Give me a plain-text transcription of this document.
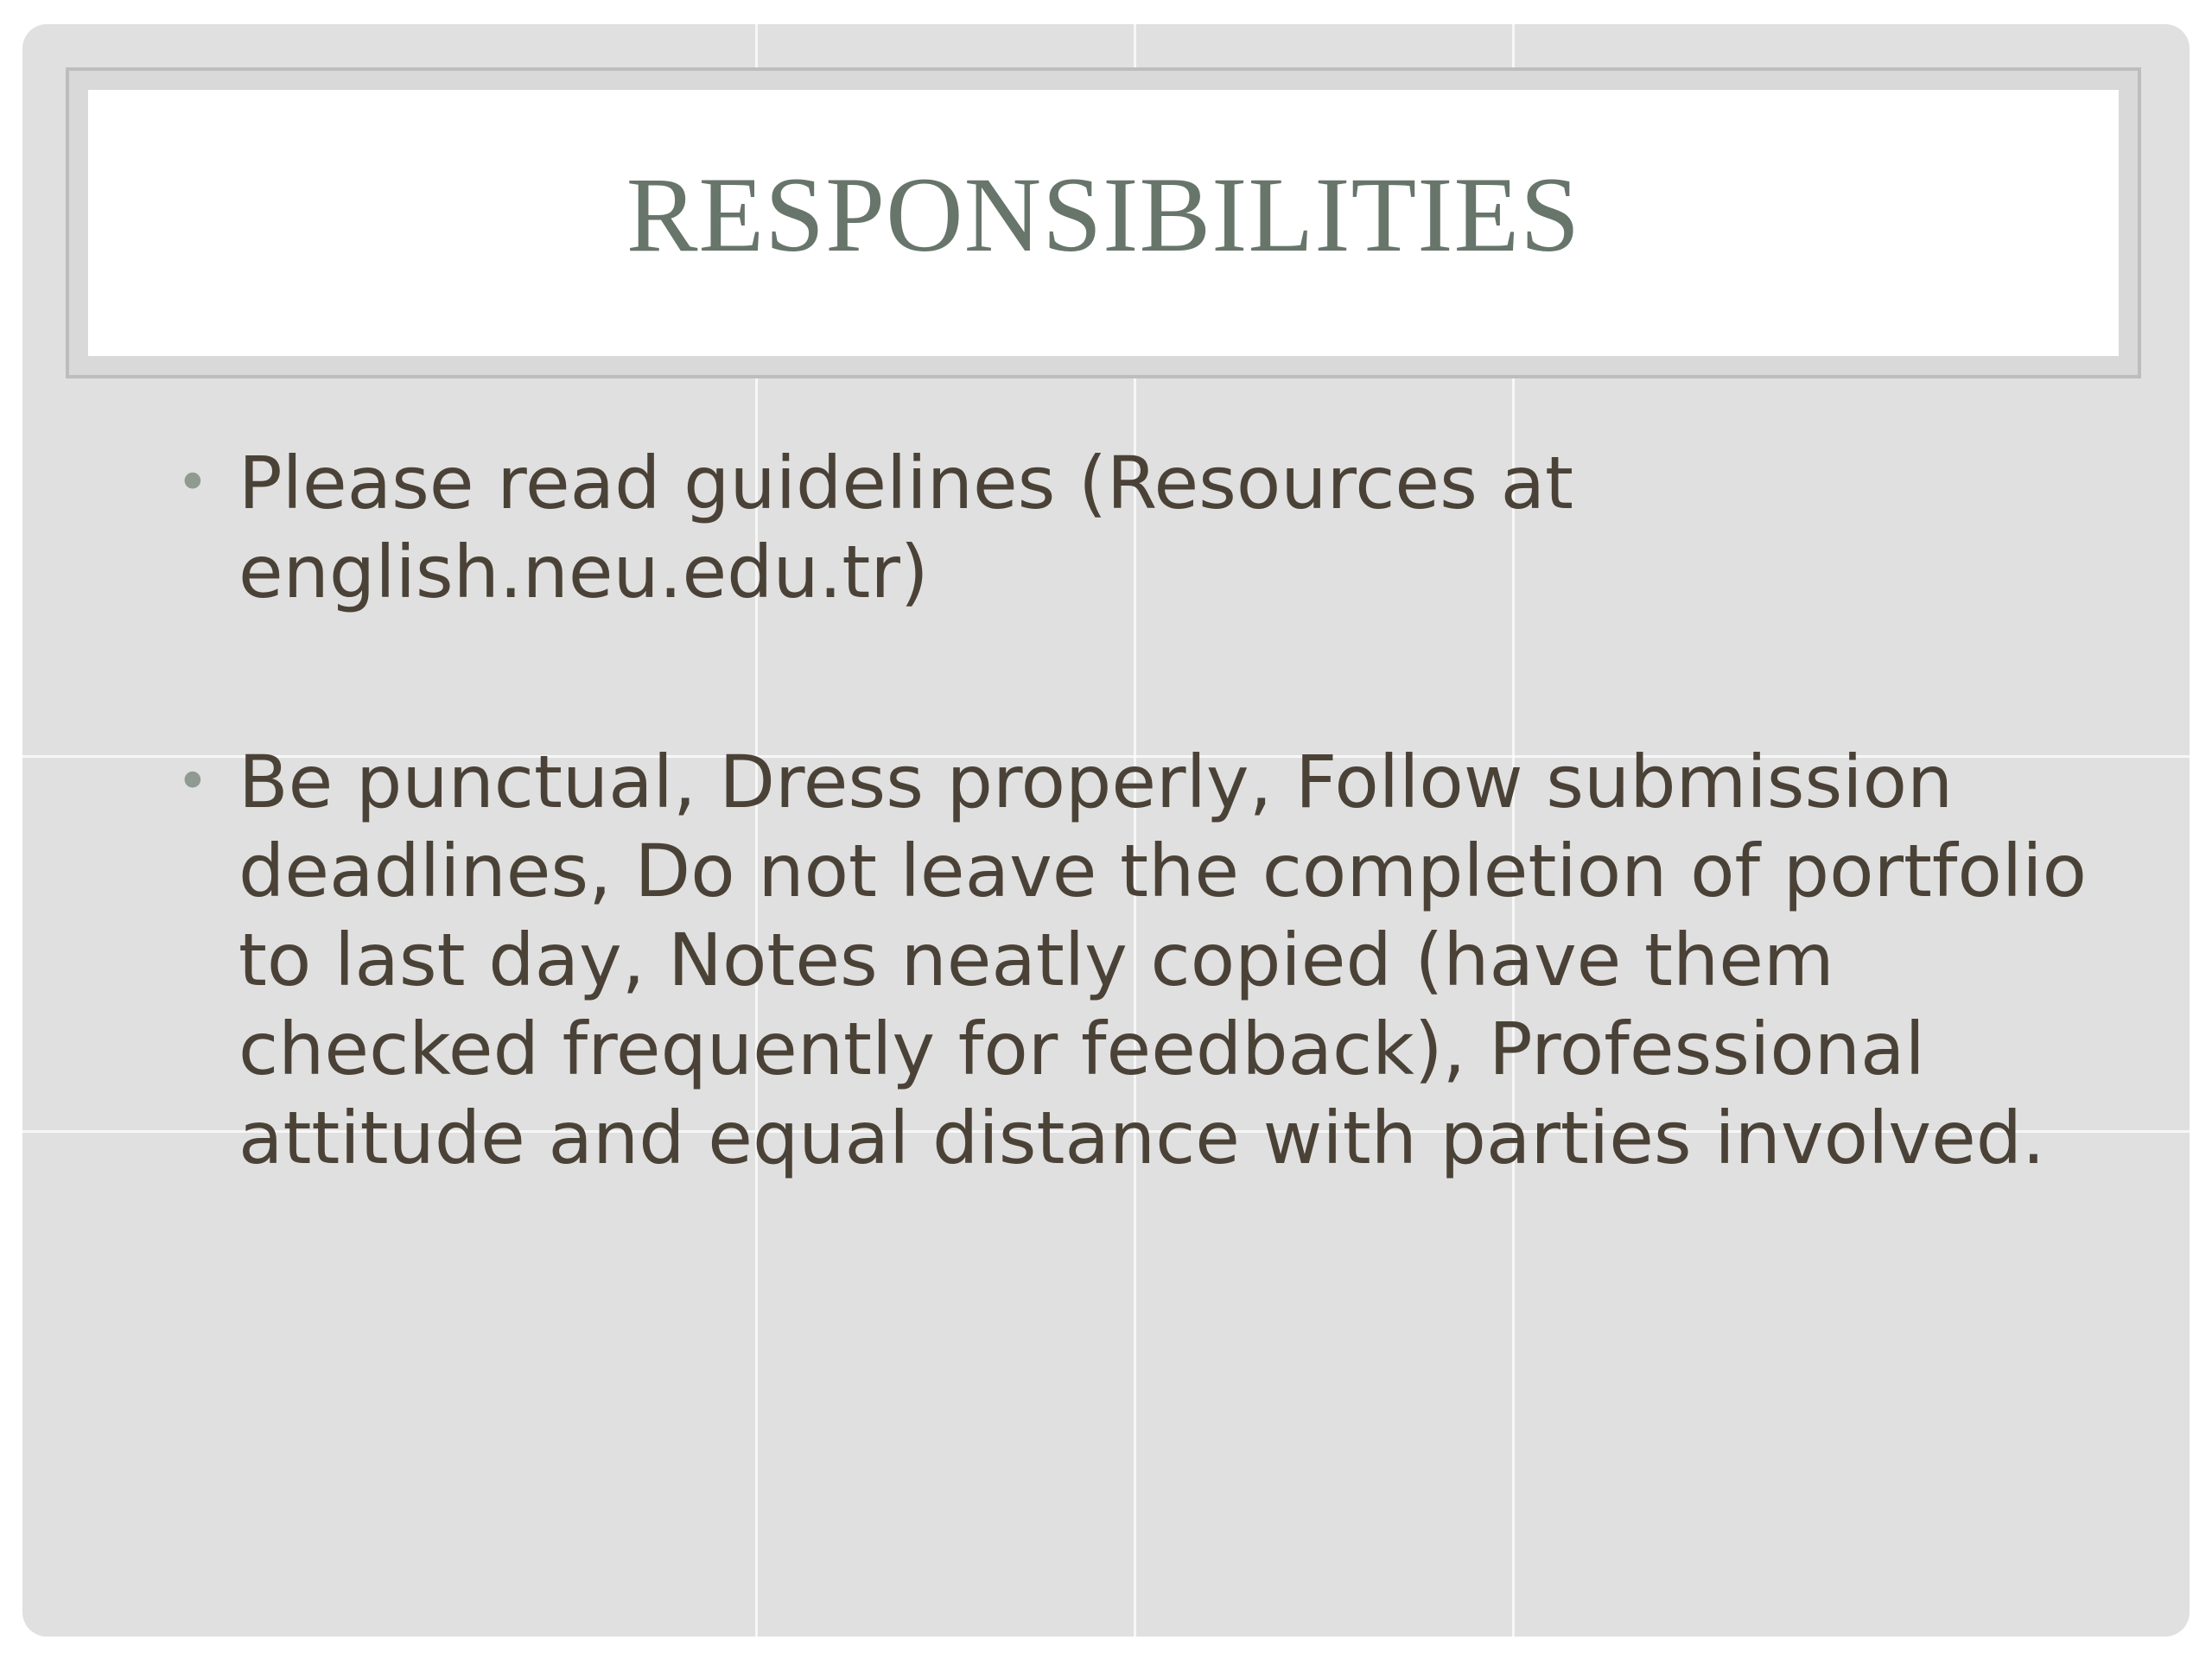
RESPONSIBILITIES
• Please read guidelines (Resources at english.neu.edu.tr)
• Be punctual, Dress properly, Follow submission deadlines, Do not leave the completion of portfolio to last day, Notes neatly copied (have them checked frequently for feedback), Professional attitude and equal distance with parties involved.
